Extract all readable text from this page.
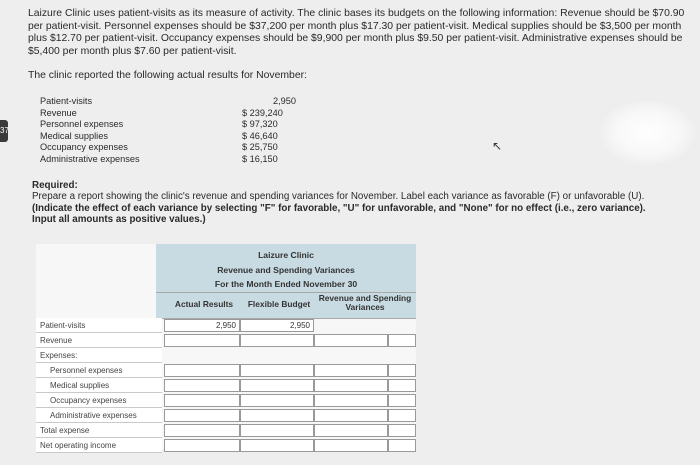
37
Laizure Clinic uses patient-visits as its measure of activity. The clinic bases its budgets on the following information: Revenue should be $70.90 per patient-visit. Personnel expenses should be $37,200 per month plus $17.30 per patient-visit. Medical supplies should be $3,500 per month plus $12.70 per patient-visit. Occupancy expenses should be $9,900 per month plus $9.50 per patient-visit. Administrative expenses should be $5,400 per month plus $7.60 per patient-visit.
The clinic reported the following actual results for November:
Patient-visits	2,950
Revenue	$ 239,240
Personnel expenses	$ 97,320
Medical supplies	$ 46,640
Occupancy expenses	$ 25,750
Administrative expenses	$ 16,150
↖
Required:
Prepare a report showing the clinic's revenue and spending variances for November. Label each variance as favorable (F) or unfavorable (U). (Indicate the effect of each variance by selecting "F" for favorable, "U" for unfavorable, and "None" for no effect (i.e., zero variance). Input all amounts as positive values.)
Laizure Clinic
Revenue and Spending Variances
For the Month Ended November 30
Actual Results	Flexible Budget
Revenue and Spending Variances
Patient-visits	2,950	2,950
Revenue
Expenses:
Personnel expenses
Medical supplies
Occupancy expenses
Administrative expenses
Total expense
Net operating income
